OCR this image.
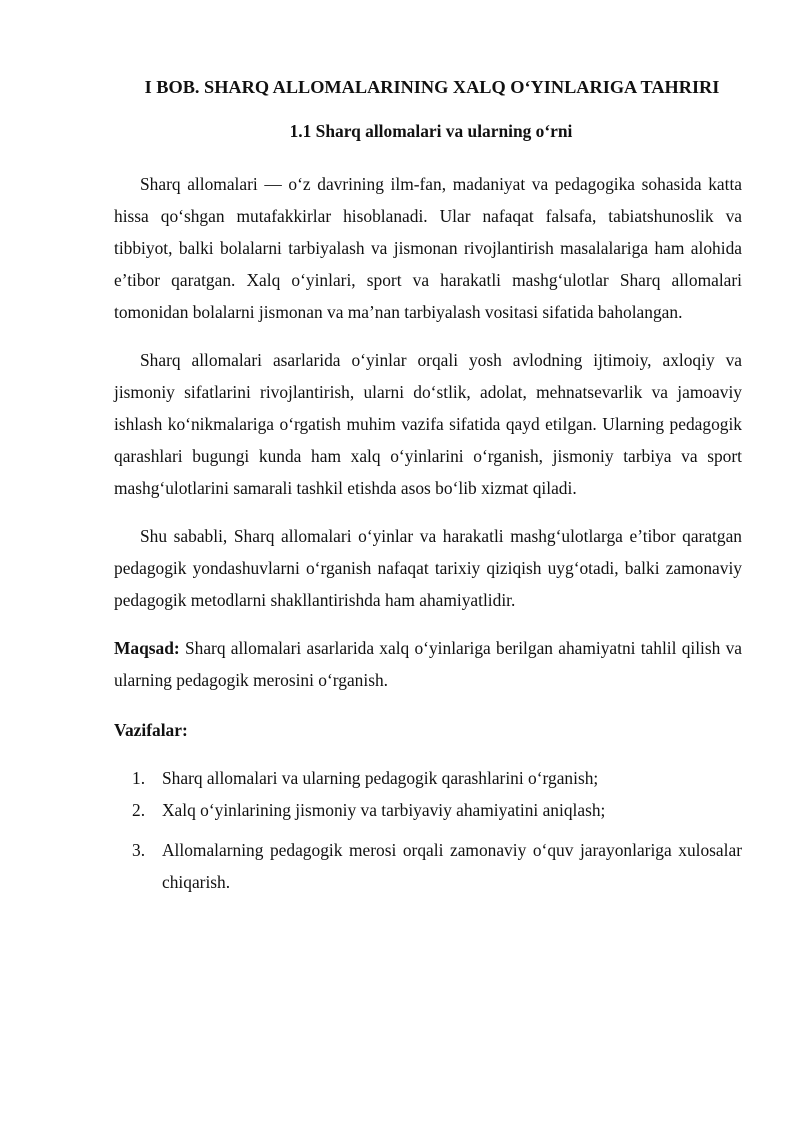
I BOB. SHARQ ALLOMALARINING XALQ O‘YINLARIGA TAHRIRI
1.1 Sharq allomalari va ularning o‘rni

Sharq allomalari — o‘z davrining ilm-fan, madaniyat va pedagogika sohasida katta hissa qo‘shgan mutafakkirlar hisoblanadi. Ular nafaqat falsafa, tabiatshunoslik va tibbiyot, balki bolalarni tarbiyalash va jismonan rivojlantirish masalalariga ham alohida e’tibor qaratgan. Xalq o‘yinlari, sport va harakatli mashg‘ulotlar Sharq allomalari tomonidan bolalarni jismonan va ma’nan tarbiyalash vositasi sifatida baholangan.

Sharq allomalari asarlarida o‘yinlar orqali yosh avlodning ijtimoiy, axloqiy va jismoniy sifatlarini rivojlantirish, ularni do‘stlik, adolat, mehnatsevarlik va jamoaviy ishlash ko‘nikmalariga o‘rgatish muhim vazifa sifatida qayd etilgan. Ularning pedagogik qarashlari bugungi kunda ham xalq o‘yinlarini o‘rganish, jismoniy tarbiya va sport mashg‘ulotlarini samarali tashkil etishda asos bo‘lib xizmat qiladi.

Shu sababli, Sharq allomalari o‘yinlar va harakatli mashg‘ulotlarga e’tibor qaratgan pedagogik yondashuvlarni o‘rganish nafaqat tarixiy qiziqish uyg‘otadi, balki zamonaviy pedagogik metodlarni shakllantirishda ham ahamiyatlidir.

Maqsad: Sharq allomalari asarlarida xalq o‘yinlariga berilgan ahamiyatni tahlil qilish va ularning pedagogik merosini o‘rganish.

Vazifalar:

1. Sharq allomalari va ularning pedagogik qarashlarini o‘rganish;
2. Xalq o‘yinlarining jismoniy va tarbiyaviy ahamiyatini aniqlash;
3. Allomalarning pedagogik merosi orqali zamonaviy o‘quv jarayonlariga xulosalar chiqarish.
